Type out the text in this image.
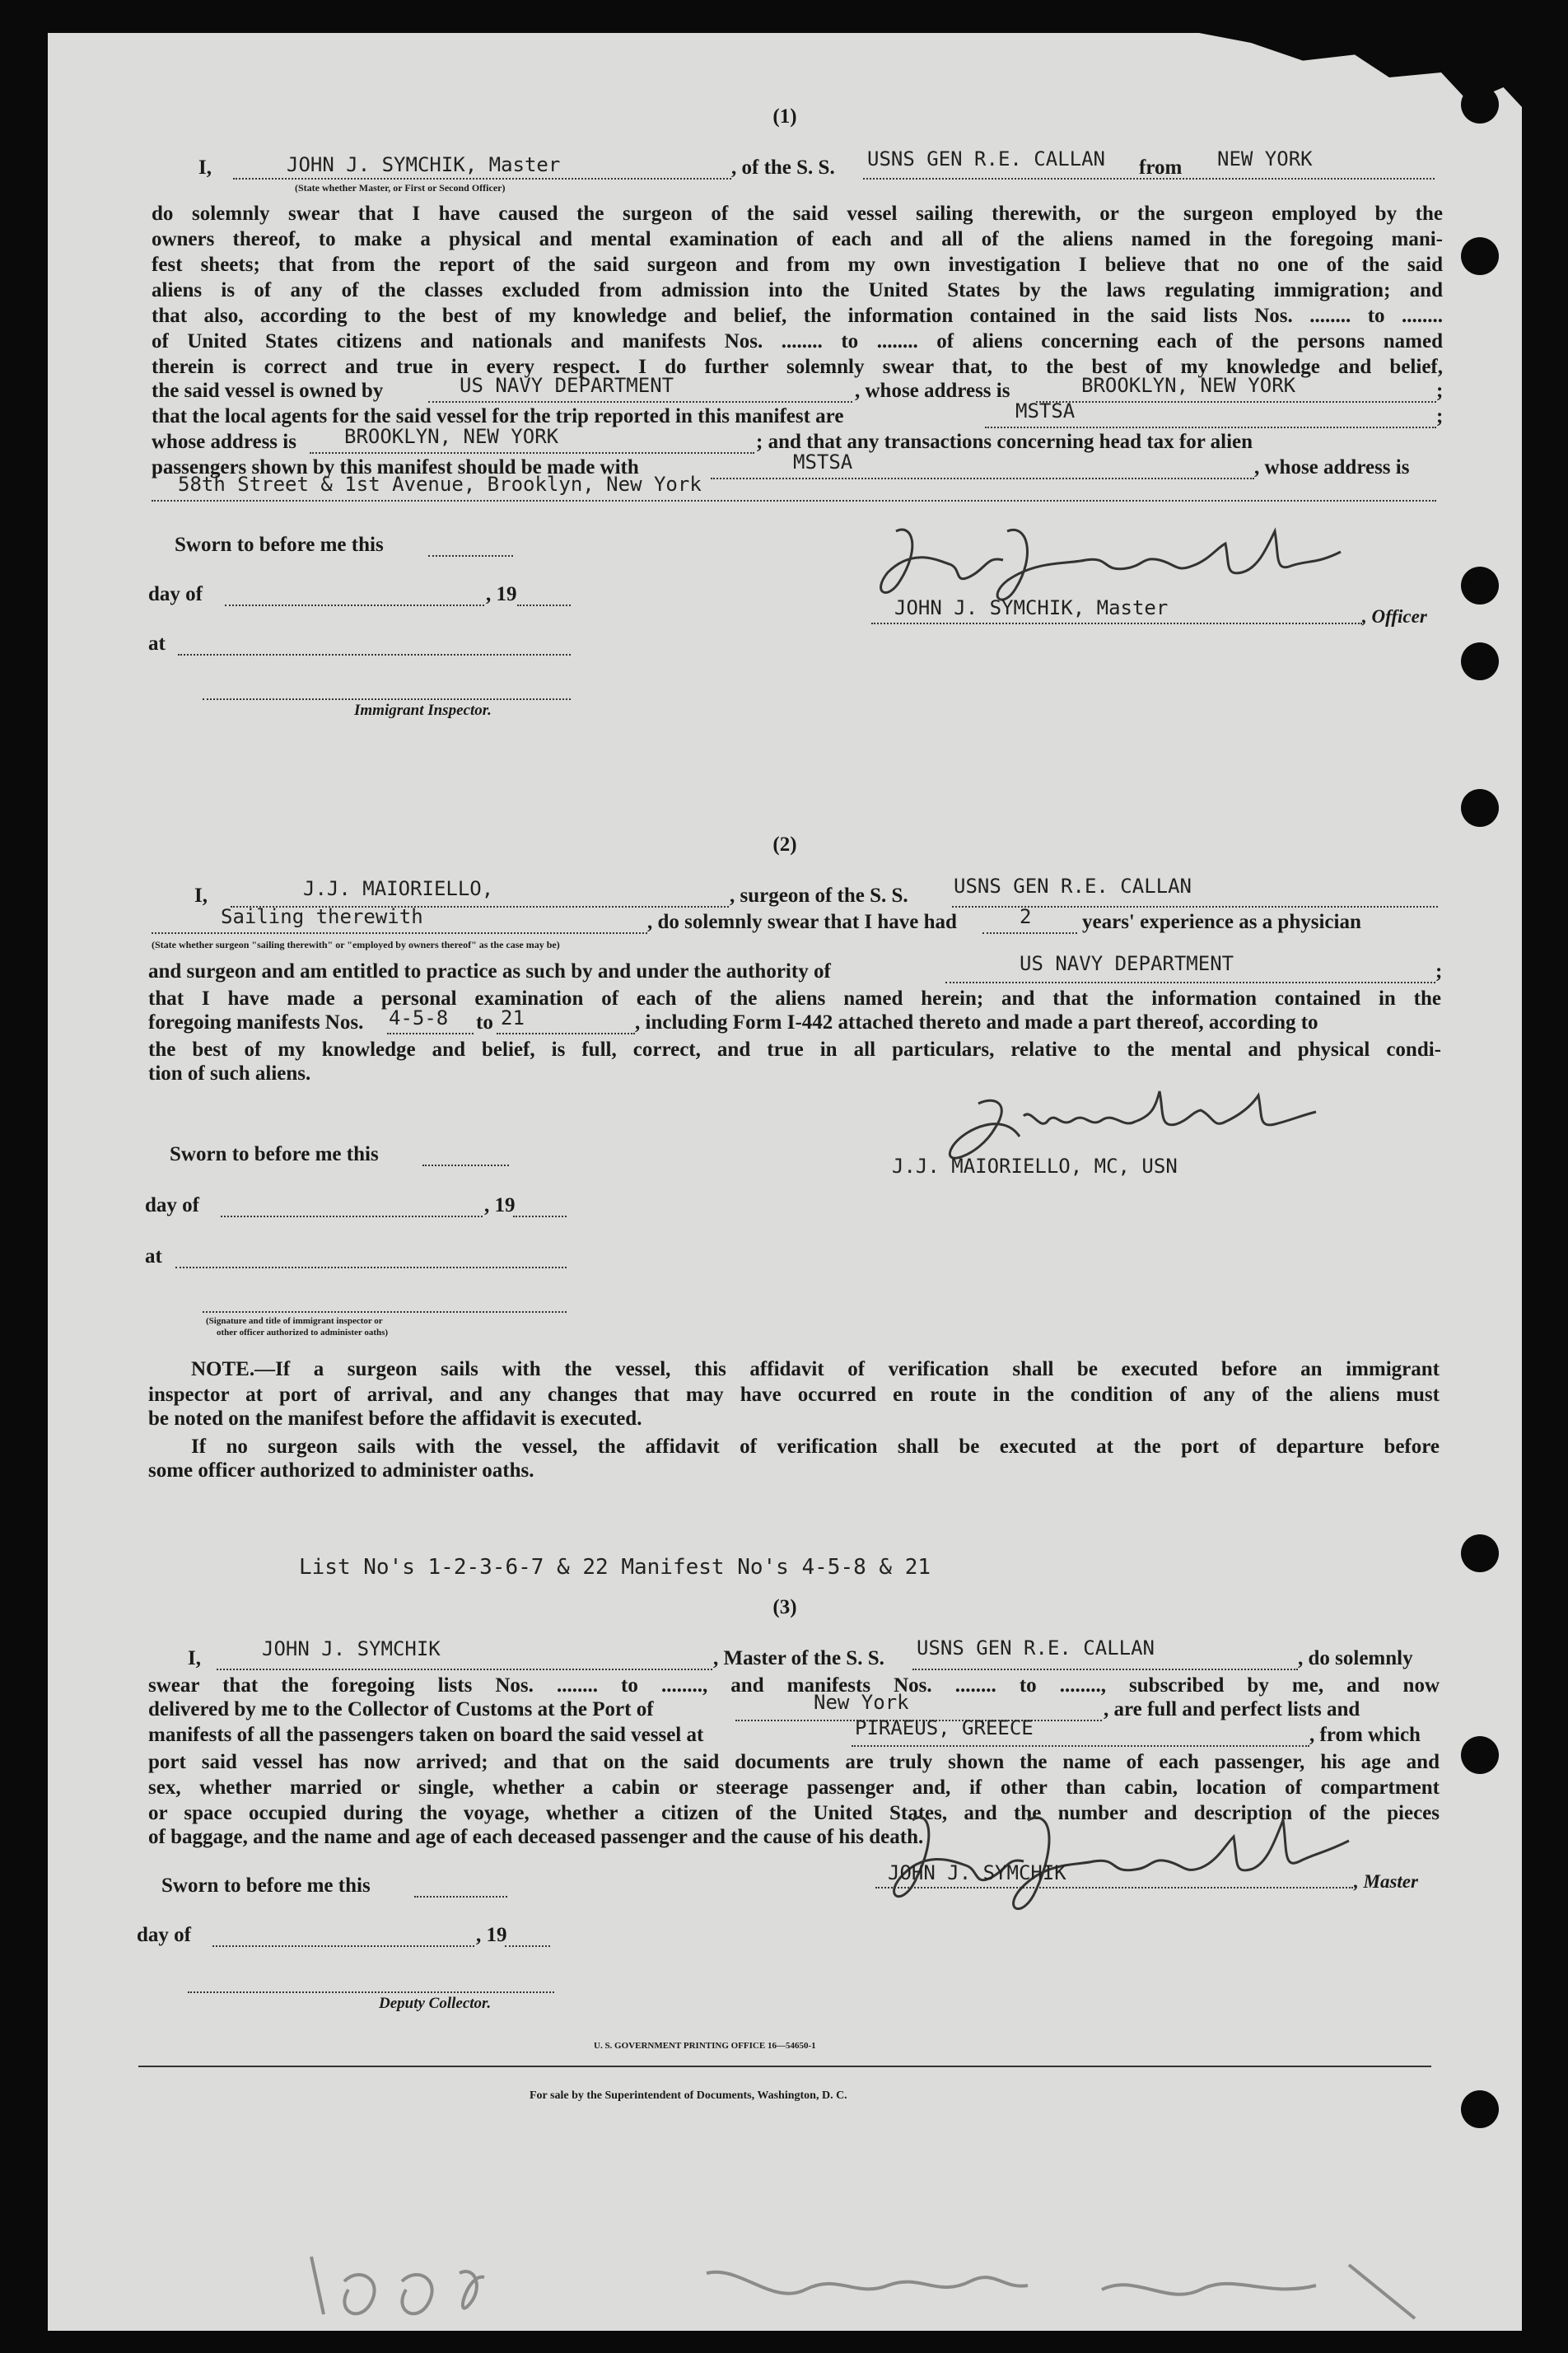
(1)
I,	JOHN J. SYMCHIK, Master
(State whether Master, or First or Second Officer)
, of the S. S. USNS GEN R.E. CALLAN from NEW YORK
do solemnly swear that I have caused the surgeon of the said vessel sailing therewith, or the surgeon employed by the
owners thereof, to make a physical and mental examination of each and all of the aliens named in the foregoing mani-
fest sheets; that from the report of the said surgeon and from my own investigation I believe that no one of the said
aliens is of any of the classes excluded from admission into the United States by the laws regulating immigration; and
that also, according to the best of my knowledge and belief, the information contained in the said lists Nos. ........ to ........
of United States citizens and nationals and manifests Nos. ........ to ........ of aliens concerning each of the persons named
therein is correct and true in every respect. I do further solemnly swear that, to the best of my knowledge and belief,
the said vessel is owned by	US NAVY DEPARTMENT	, whose address is	BROOKLYN, NEW YORK	;
that the local agents for the said vessel for the trip reported in this manifest are	MSTSA	;
whose address is BROOKLYN, NEW YORK	; and that any transactions concerning head tax for alien
passengers shown by this manifest should be made with	MSTSA	, whose address is
58th Street & 1st Avenue, Brooklyn, New York
Sworn to before me this
day of	, 19
at
Immigrant Inspector.
JOHN J. SYMCHIK, Master	, Officer
(2)
I,	J.J. MAIORIELLO,	, surgeon of the S. S. USNS GEN R.E. CALLAN
Sailing therewith	, do solemnly swear that I have had	2 years' experience as a physician
(State whether surgeon "sailing therewith" or "employed by owners thereof" as the case may be)
and surgeon and am entitled to practice as such by and under the authority of	US NAVY DEPARTMENT	;
that I have made a personal examination of each of the aliens named herein; and that the information contained in the
foregoing manifests Nos. 4-5-8 to 21	, including Form I-442 attached thereto and made a part thereof, according to
the best of my knowledge and belief, is full, correct, and true in all particulars, relative to the mental and physical condi-
tion of such aliens.
Sworn to before me this
day of	, 19
at
(Signature and title of immigrant inspector or
other officer authorized to administer oaths)
J.J. MAIORIELLO, MC, USN
NOTE.—If a surgeon sails with the vessel, this affidavit of verification shall be executed before an immigrant
inspector at port of arrival, and any changes that may have occurred en route in the condition of any of the aliens must
be noted on the manifest before the affidavit is executed.
If no surgeon sails with the vessel, the affidavit of verification shall be executed at the port of departure before
some officer authorized to administer oaths.
List No's 1-2-3-6-7 & 22 Manifest No's 4-5-8 & 21
(3)
I,	JOHN J. SYMCHIK	, Master of the S. S. USNS GEN R.E. CALLAN	, do solemnly
swear that the foregoing lists Nos. ........ to ........, and manifests Nos. ........ to ........, subscribed by me, and now
delivered by me to the Collector of Customs at the Port of	New York	, are full and perfect lists and
manifests of all the passengers taken on board the said vessel at	PIRAEUS, GREECE	, from which
port said vessel has now arrived; and that on the said documents are truly shown the name of each passenger, his age and
sex, whether married or single, whether a cabin or steerage passenger and, if other than cabin, location of compartment
or space occupied during the voyage, whether a citizen of the United States, and the number and description of the pieces
of baggage, and the name and age of each deceased passenger and the cause of his death.
Sworn to before me this
day of	, 19
Deputy Collector.
JOHN J. SYMCHIK	, Master
U. S. GOVERNMENT PRINTING OFFICE 16—54650-1
For sale by the Superintendent of Documents, Washington, D. C.
